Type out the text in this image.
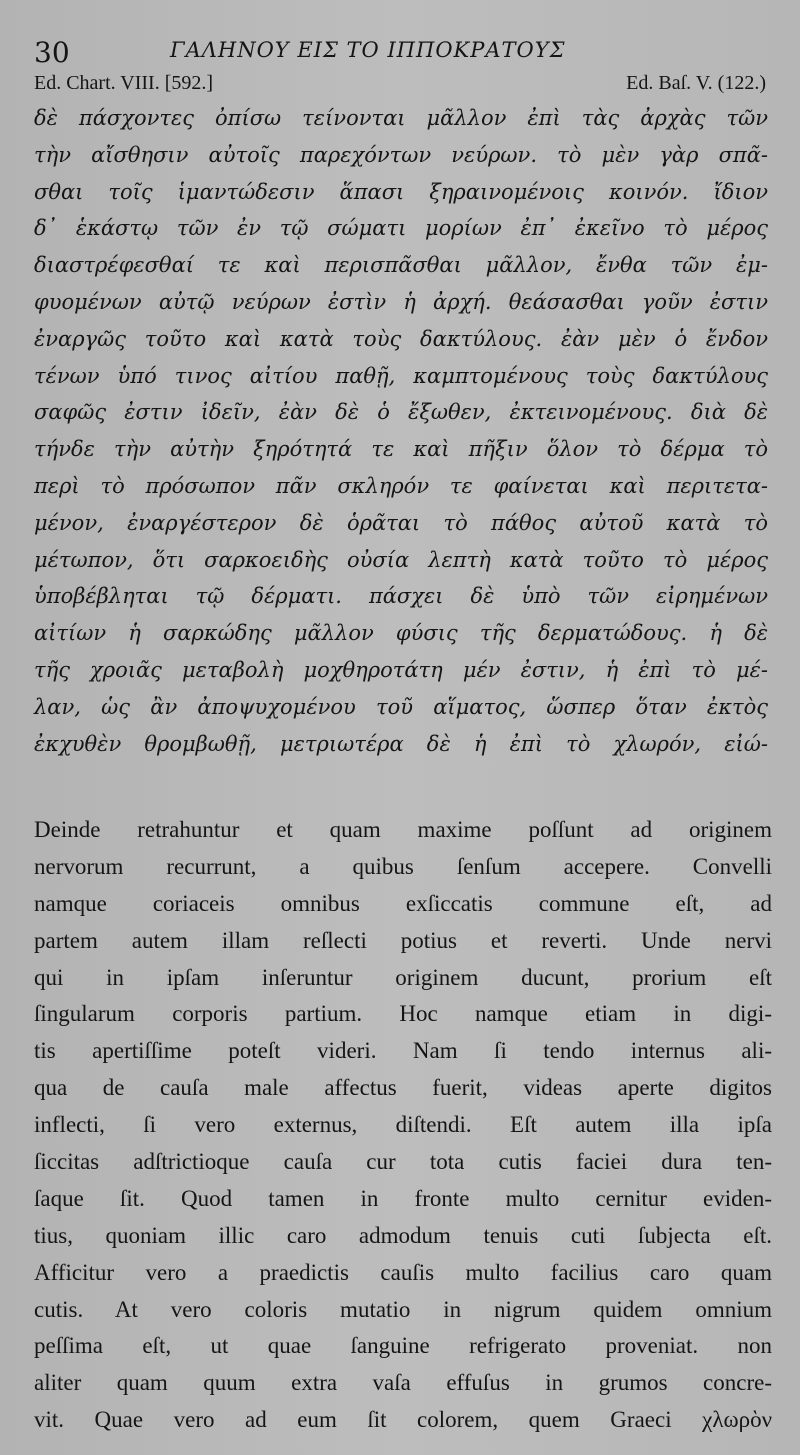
30	ΓΑΛΗΝΟΥ ΕΙΣ ΤΟ ΙΠΠΟΚΡΑΤΟΥΣ
Ed. Chart. VIII. [592.]	Ed. Baſ. V. (122.)
δὲ πάσχοντες ὀπίσω τείνονται μᾶλλον ἐπὶ τὰς ἀρχὰς τῶν
τὴν αἴσθησιν αὐτοῖς παρεχόντων νεύρων. τὸ μὲν γὰρ σπᾶ-
σθαι τοῖς ἱμαντώδεσιν ἅπασι ξηραινομένοις κοινόν. ἴδιον
δ᾽ ἑκάστῳ τῶν ἐν τῷ σώματι μορίων ἐπ᾽ ἐκεῖνο τὸ μέρος
διαστρέφεσθαί τε καὶ περισπᾶσθαι μᾶλλον, ἔνθα τῶν ἐμ-
φυομένων αὐτῷ νεύρων ἐστὶν ἡ ἀρχή. θεάσασθαι γοῦν ἐστιν
ἐναργῶς τοῦτο καὶ κατὰ τοὺς δακτύλους. ἐὰν μὲν ὁ ἔνδον
τένων ὑπό τινος αἰτίου παθῇ, καμπτομένους τοὺς δακτύλους
σαφῶς ἐστιν ἰδεῖν, ἐὰν δὲ ὁ ἔξωθεν, ἐκτεινομένους. διὰ δὲ
τήνδε τὴν αὐτὴν ξηρότητά τε καὶ πῆξιν ὅλον τὸ δέρμα τὸ
περὶ τὸ πρόσωπον πᾶν σκληρόν τε φαίνεται καὶ περιτετα-
μένον, ἐναργέστερον δὲ ὁρᾶται τὸ πάθος αὐτοῦ κατὰ τὸ
μέτωπον, ὅτι σαρκοειδὴς οὐσία λεπτὴ κατὰ τοῦτο τὸ μέρος
ὑποβέβληται τῷ δέρματι. πάσχει δὲ ὑπὸ τῶν εἰρημένων
αἰτίων ἡ σαρκώδης μᾶλλον φύσις τῆς δερματώδους. ἡ δὲ
τῆς χροιᾶς μεταβολὴ μοχθηροτάτη μέν ἐστιν, ἡ ἐπὶ τὸ μέ-
λαν, ὡς ἂν ἀποψυχομένου τοῦ αἵματος, ὥσπερ ὅταν ἐκτὸς
ἐκχυθὲν θρομβωθῇ, μετριωτέρα δὲ ἡ ἐπὶ τὸ χλωρόν, εἰώ-
Deinde retrahuntur et quam maxime poſſunt ad originem
nervorum recurrunt, a quibus ſenſum accepere. Convelli
namque coriaceis omnibus exſiccatis commune eſt, ad
partem autem illam reſlecti potius et reverti. Unde nervi
qui in ipſam inſeruntur originem ducunt, prorium eſt
ſingularum corporis partium. Hoc namque etiam in digi-
tis apertiſſime poteſt videri. Nam ſi tendo internus ali-
qua de cauſa male affectus fuerit, videas aperte digitos
inflecti, ſi vero externus, diſtendi. Eſt autem illa ipſa
ſiccitas adſtrictioque cauſa cur tota cutis faciei dura ten-
ſaque ſit. Quod tamen in fronte multo cernitur eviden-
tius, quoniam illic caro admodum tenuis cuti ſubjecta eſt.
Afficitur vero a praedictis cauſis multo facilius caro quam
cutis. At vero coloris mutatio in nigrum quidem omnium
peſſima eſt, ut quae ſanguine refrigerato proveniat. non
aliter quam quum extra vaſa effuſus in grumos concre-
vit. Quae vero ad eum ſit colorem, quem Graeci χλωρὸν
